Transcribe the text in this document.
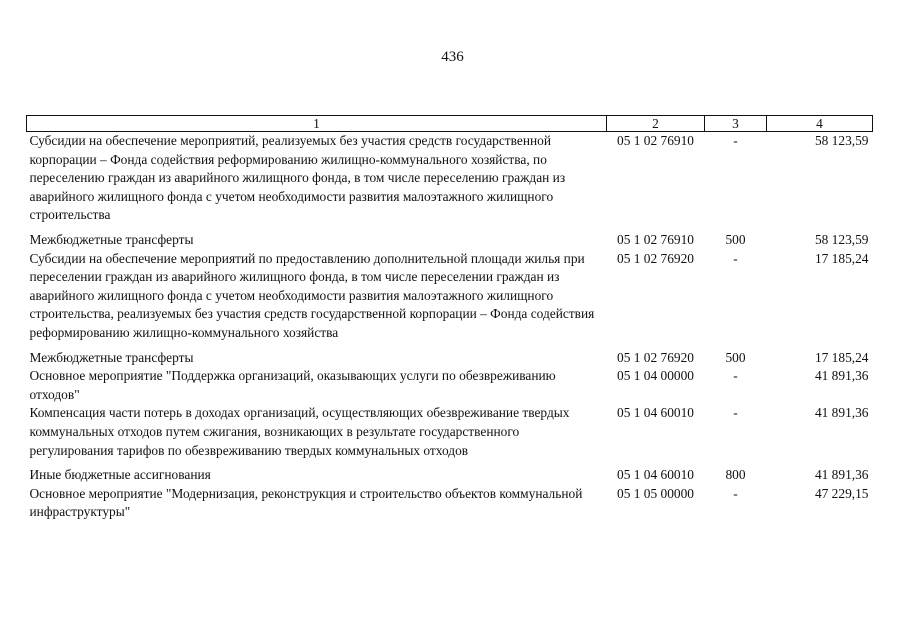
436
1	2	3	4
Субсидии на обеспечение мероприятий, реализуемых без участия средств государственной корпорации – Фонда содействия реформированию жилищно-коммунального хозяйства, по переселению граждан из аварийного жилищного фонда, в том числе переселению граждан из аварийного жилищного фонда с учетом необходимости развития малоэтажного жилищного строительства	05 1 02 76910	-	58 123,59
Межбюджетные трансферты	05 1 02 76910	500	58 123,59
Субсидии на обеспечение мероприятий по предоставлению дополнительной площади жилья при переселении граждан из аварийного жилищного фонда, в том числе переселении граждан из аварийного жилищного фонда с учетом необходимости развития малоэтажного жилищного строительства, реализуемых без участия средств государственной корпорации – Фонда содействия реформированию жилищно-коммунального хозяйства	05 1 02 76920	-	17 185,24
Межбюджетные трансферты	05 1 02 76920	500	17 185,24
Основное мероприятие "Поддержка организаций, оказывающих услуги по обезвреживанию отходов"	05 1 04 00000	-	41 891,36
Компенсация части потерь в доходах организаций, осуществляющих обезвреживание твердых коммунальных отходов путем сжигания, возникающих в результате государственного регулирования тарифов по обезвреживанию твердых коммунальных отходов	05 1 04 60010	-	41 891,36
Иные бюджетные ассигнования	05 1 04 60010	800	41 891,36
Основное мероприятие "Модернизация, реконструкция и строительство объектов коммунальной инфраструктуры"	05 1 05 00000	-	47 229,15
